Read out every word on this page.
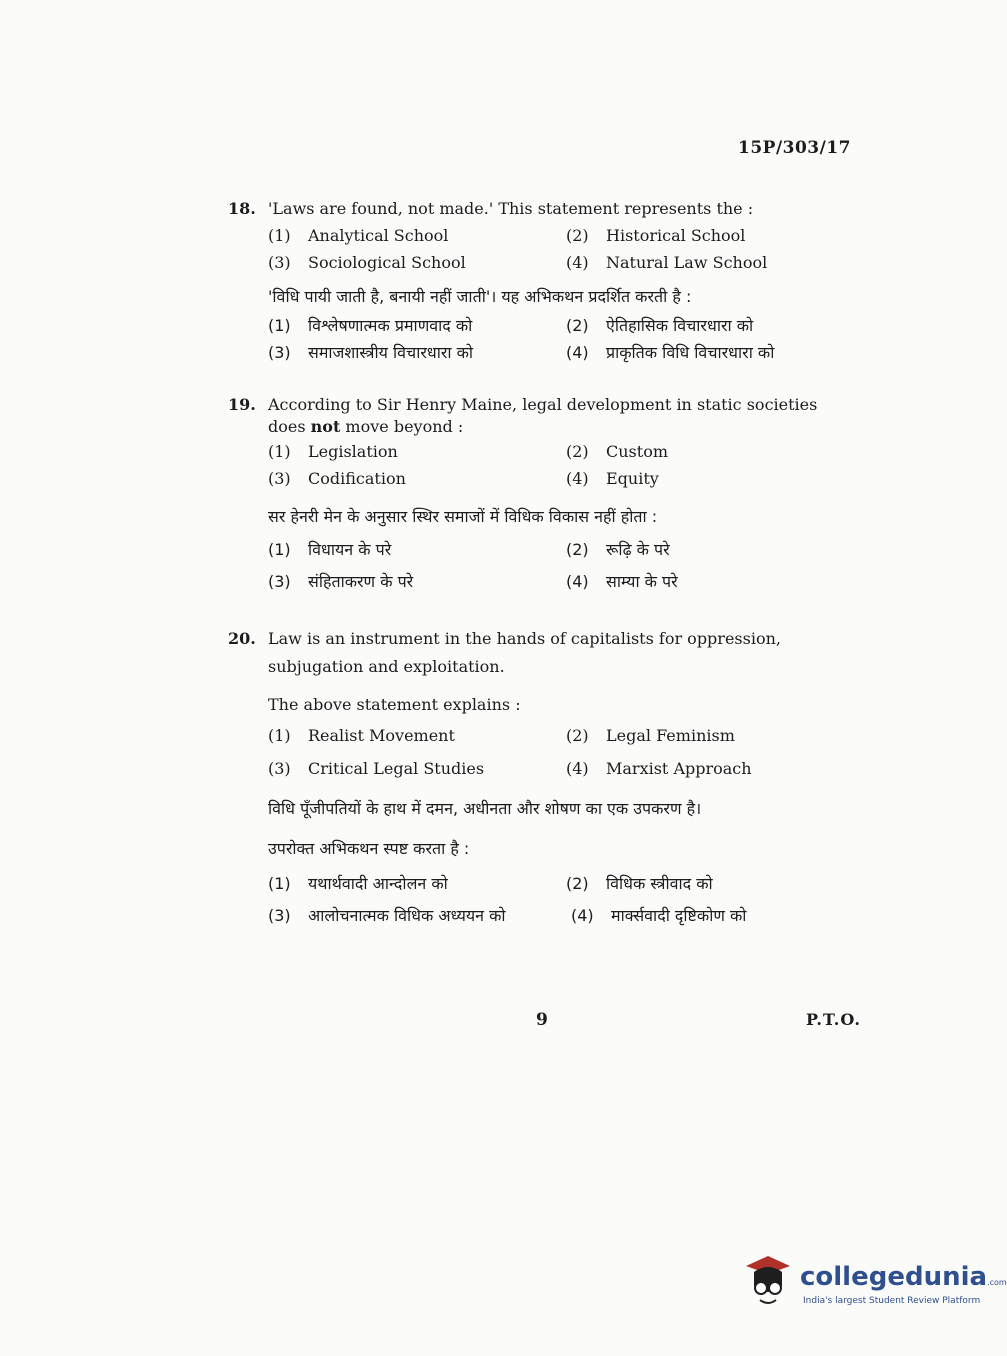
15P/303/17
18. 'Laws are found, not made.' This statement represents the :
(1) Analytical School	(2) Historical School
(3) Sociological School	(4) Natural Law School
'विधि पायी जाती है, बनायी नहीं जाती'। यह अभिकथन प्रदर्शित करती है :
(1) विश्लेषणात्मक प्रमाणवाद को	(2) ऐतिहासिक विचारधारा को
(3) समाजशास्त्रीय विचारधारा को	(4) प्राकृतिक विधि विचारधारा को
19. According to Sir Henry Maine, legal development in static societies
does not move beyond :
(1) Legislation	(2) Custom
(3) Codification	(4) Equity
सर हेनरी मेन के अनुसार स्थिर समाजों में विधिक विकास नहीं होता :
(1) विधायन के परे	(2) रूढ़ि के परे
(3) संहिताकरण के परे	(4) साम्या के परे
20. Law is an instrument in the hands of capitalists for oppression,
subjugation and exploitation.
The above statement explains :
(1) Realist Movement	(2) Legal Feminism
(3) Critical Legal Studies	(4) Marxist Approach
विधि पूँजीपतियों के हाथ में दमन, अधीनता और शोषण का एक उपकरण है।
उपरोक्त अभिकथन स्पष्ट करता है :
(1) यथार्थवादी आन्दोलन को	(2) विधिक स्त्रीवाद को
(3) आलोचनात्मक विधिक अध्ययन को	(4) मार्क्सवादी दृष्टिकोण को
9	P.T.O.
collegedunia.com
India's largest Student Review Platform
